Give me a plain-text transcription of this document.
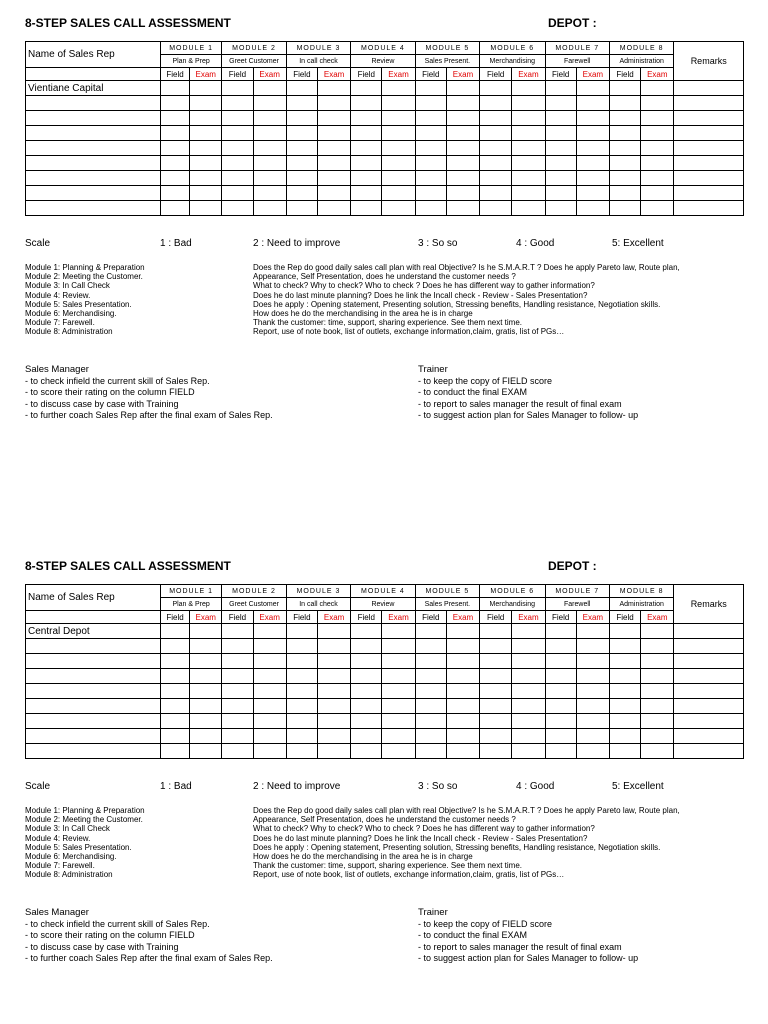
8-STEP SALES CALL ASSESSMENT	DEPOT :
Name of Sales Rep	MODULE 1		MODULE 2		MODULE 3		MODULE 4		MODULE 5		MODULE 6		MODULE 7		MODULE 8		Remarks
	Plan & Prep		Greet Customer		In call check		Review		Sales Present.		Merchandising		Farewell		Administration		
	Field	Exam	Field	Exam	Field	Exam	Field	Exam	Field	Exam	Field	Exam	Field	Exam	Field	Exam	
Vientiane Capital																	

Scale	1 : Bad	2 : Need to improve	3 : So so	4 : Good	5: Excellent
Module 1: Planning & Preparation	Does the Rep do good daily sales call plan with real Objective? Is he S.M.A.R.T ? Does he apply Pareto law, Route plan,
Module 2: Meeting the Customer.	Appearance, Self Presentation, does he understand the customer needs ?
Module 3: In Call Check	What to check? Why to check? Who to check ? Does he has different way to gather information?
Module 4: Review.	Does he do last minute planning? Does he link the Incall check - Review - Sales Presentation?
Module 5: Sales Presentation.	Does he apply : Opening statement, Presenting solution, Stressing benefits, Handling resistance, Negotiation skills.
Module 6: Merchandising.	How does he do the merchandising in the area he is in charge
Module 7: Farewell.	Thank the customer: time, support, sharing experience. See them next time.
Module 8: Administration	Report, use of note book, list of outlets, exchange information,claim, gratis, list of PGs…
Sales Manager
- to check infield the current skill of Sales Rep.
- to score their rating on the column FIELD
- to discuss case by case with Training
- to further coach Sales Rep after the final exam of Sales Rep.
Trainer
- to keep the copy of FIELD score
- to conduct the final EXAM
- to report to sales manager the result of final exam
- to suggest action plan for Sales Manager to follow- up
8-STEP SALES CALL ASSESSMENT	DEPOT :
Name of Sales Rep	MODULE 1		MODULE 2		MODULE 3		MODULE 4		MODULE 5		MODULE 6		MODULE 7		MODULE 8		Remarks
	Plan & Prep		Greet Customer		In call check		Review		Sales Present.		Merchandising		Farewell		Administration		
	Field	Exam	Field	Exam	Field	Exam	Field	Exam	Field	Exam	Field	Exam	Field	Exam	Field	Exam	
Central Depot																	

Scale	1 : Bad	2 : Need to improve	3 : So so	4 : Good	5: Excellent
Module 1: Planning & Preparation	Does the Rep do good daily sales call plan with real Objective? Is he S.M.A.R.T ? Does he apply Pareto law, Route plan,
Module 2: Meeting the Customer.	Appearance, Self Presentation, does he understand the customer needs ?
Module 3: In Call Check	What to check? Why to check? Who to check ? Does he has different way to gather information?
Module 4: Review.	Does he do last minute planning? Does he link the Incall check - Review - Sales Presentation?
Module 5: Sales Presentation.	Does he apply : Opening statement, Presenting solution, Stressing benefits, Handling resistance, Negotiation skills.
Module 6: Merchandising.	How does he do the merchandising in the area he is in charge
Module 7: Farewell.	Thank the customer: time, support, sharing experience. See them next time.
Module 8: Administration	Report, use of note book, list of outlets, exchange information,claim, gratis, list of PGs…
Sales Manager
- to check infield the current skill of Sales Rep.
- to score their rating on the column FIELD
- to discuss case by case with Training
- to further coach Sales Rep after the final exam of Sales Rep.
Trainer
- to keep the copy of FIELD score
- to conduct the final EXAM
- to report to sales manager the result of final exam
- to suggest action plan for Sales Manager to follow- up
